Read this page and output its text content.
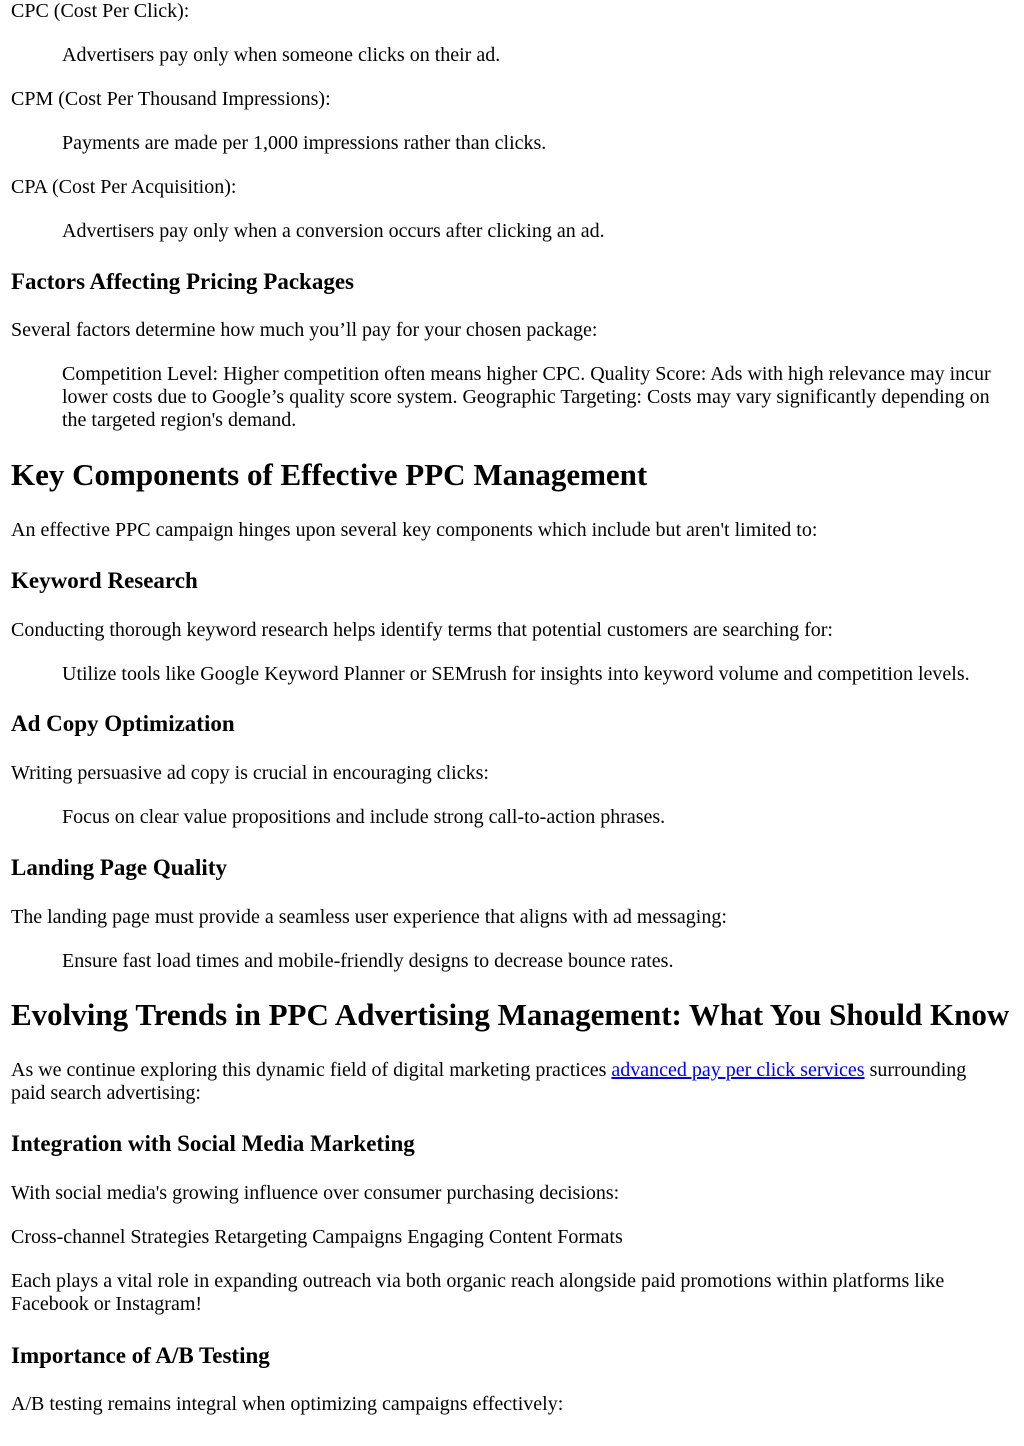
CPC (Cost Per Click):

Advertisers pay only when someone clicks on their ad.

CPM (Cost Per Thousand Impressions):

Payments are made per 1,000 impressions rather than clicks.

CPA (Cost Per Acquisition):

Advertisers pay only when a conversion occurs after clicking an ad.
Factors Affecting Pricing Packages

Several factors determine how much you’ll pay for your chosen package:

Competition Level: Higher competition often means higher CPC. Quality Score: Ads with high relevance may incur lower costs due to Google’s quality score system. Geographic Targeting: Costs may vary significantly depending on the targeted region's demand.
Key Components of Effective PPC Management

An effective PPC campaign hinges upon several key components which include but aren't limited to:

Keyword Research

Conducting thorough keyword research helps identify terms that potential customers are searching for:

Utilize tools like Google Keyword Planner or SEMrush for insights into keyword volume and competition levels.
Ad Copy Optimization

Writing persuasive ad copy is crucial in encouraging clicks:

Focus on clear value propositions and include strong call-to-action phrases.
Landing Page Quality

The landing page must provide a seamless user experience that aligns with ad messaging:

Ensure fast load times and mobile-friendly designs to decrease bounce rates.
Evolving Trends in PPC Advertising Management: What You Should Know

As we continue exploring this dynamic field of digital marketing practices advanced pay per click services surrounding paid search advertising:

Integration with Social Media Marketing

With social media's growing influence over consumer purchasing decisions:

Cross-channel Strategies Retargeting Campaigns Engaging Content Formats

Each plays a vital role in expanding outreach via both organic reach alongside paid promotions within platforms like Facebook or Instagram!

Importance of A/B Testing

A/B testing remains integral when optimizing campaigns effectively:
